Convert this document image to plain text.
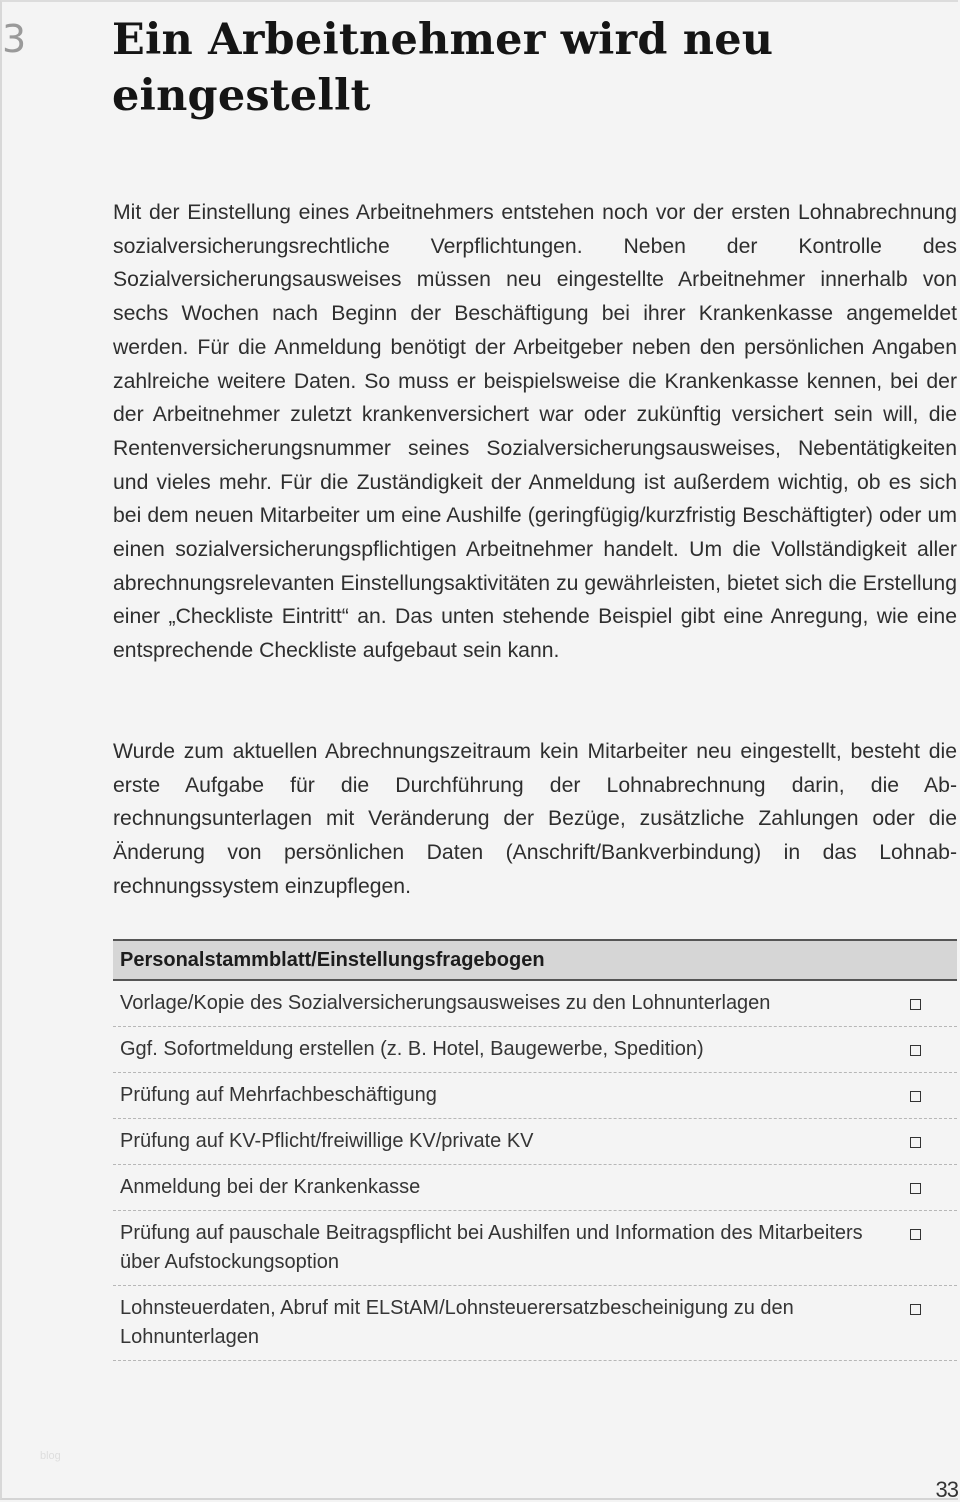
3 Ein Arbeitnehmer wird neu eingestellt

Mit der Einstellung eines Arbeitnehmers entstehen noch vor der ersten Lohnabrechnung sozialversicherungsrechtliche Verpflichtungen. Neben der Kontrolle des Sozialversicherungsausweises müssen neu eingestellte Arbeitnehmer innerhalb von sechs Wochen nach Beginn der Beschäftigung bei ihrer Krankenkasse angemeldet werden. Für die Anmeldung benötigt der Arbeitgeber neben den persönlichen Angaben zahlreiche weitere Daten. So muss er beispielsweise die Krankenkasse kennen, bei der der Arbeitnehmer zuletzt krankenversichert war oder zukünftig versichert sein will, die Rentenversicherungsnummer seines Sozialversicherungsausweises, Nebentätigkeiten und vieles mehr. Für die Zuständigkeit der Anmeldung ist außerdem wichtig, ob es sich bei dem neuen Mitarbeiter um eine Aushilfe (geringfügig/kurzfristig Beschäftigter) oder um einen sozialversicherungspflichtigen Arbeitnehmer handelt. Um die Vollständigkeit aller abrechnungsrelevanten Einstellungsaktivitäten zu gewährleisten, bietet sich die Erstellung einer „Checkliste Eintritt“ an. Das unten stehende Beispiel gibt eine Anregung, wie eine entsprechende Checkliste aufgebaut sein kann.

Wurde zum aktuellen Abrechnungszeitraum kein Mitarbeiter neu eingestellt, besteht die erste Aufgabe für die Durchführung der Lohnabrechnung darin, die Abrechnungsunterlagen mit Veränderung der Bezüge, zusätzliche Zahlungen oder die Änderung von persönlichen Daten (Anschrift/Bankverbindung) in das Lohnabrechnungssystem einzupflegen.

Personalstammblatt/Einstellungsfragebogen
Vorlage/Kopie des Sozialversicherungsausweises zu den Lohnunterlagen
Ggf. Sofortmeldung erstellen (z. B. Hotel, Baugewerbe, Spedition)
Prüfung auf Mehrfachbeschäftigung
Prüfung auf KV-Pflicht/freiwillige KV/private KV
Anmeldung bei der Krankenkasse
Prüfung auf pauschale Beitragspflicht bei Aushilfen und Information des Mitarbeiters über Aufstockungsoption
Lohnsteuerdaten, Abruf mit ELStAM/Lohnsteuerersatzbescheinigung zu den Lohnunterlagen
blog
33
